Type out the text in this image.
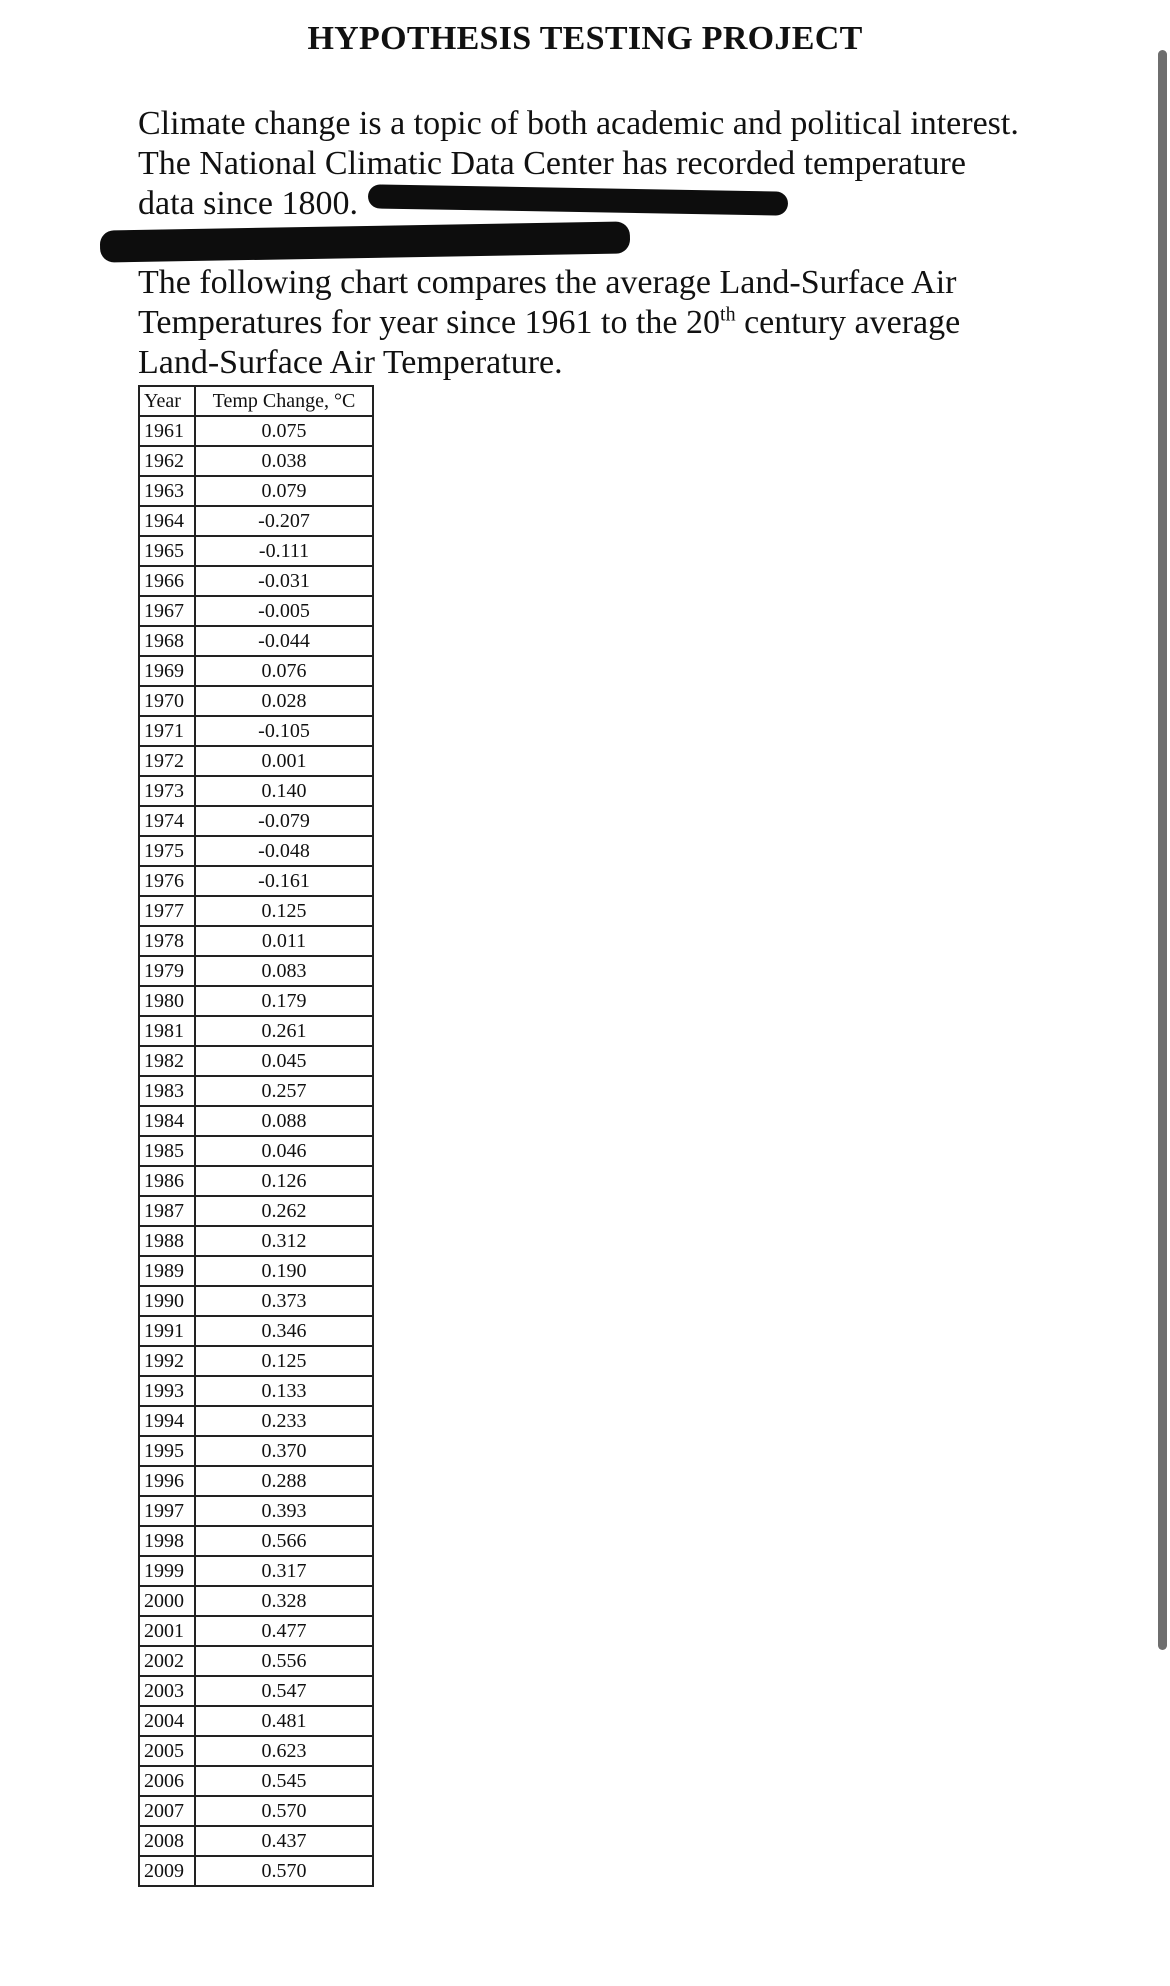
HYPOTHESIS TESTING PROJECT
Climate change is a topic of both academic and political interest.
The National Climatic Data Center has recorded temperature
data since 1800.
The following chart compares the average Land-Surface Air Temperatures for year since 1961 to the 20th century average Land-Surface Air Temperature.
Year	Temp Change, °C
1961	0.075
1962	0.038
1963	0.079
1964	-0.207
1965	-0.111
1966	-0.031
1967	-0.005
1968	-0.044
1969	0.076
1970	0.028
1971	-0.105
1972	0.001
1973	0.140
1974	-0.079
1975	-0.048
1976	-0.161
1977	0.125
1978	0.011
1979	0.083
1980	0.179
1981	0.261
1982	0.045
1983	0.257
1984	0.088
1985	0.046
1986	0.126
1987	0.262
1988	0.312
1989	0.190
1990	0.373
1991	0.346
1992	0.125
1993	0.133
1994	0.233
1995	0.370
1996	0.288
1997	0.393
1998	0.566
1999	0.317
2000	0.328
2001	0.477
2002	0.556
2003	0.547
2004	0.481
2005	0.623
2006	0.545
2007	0.570
2008	0.437
2009	0.570
